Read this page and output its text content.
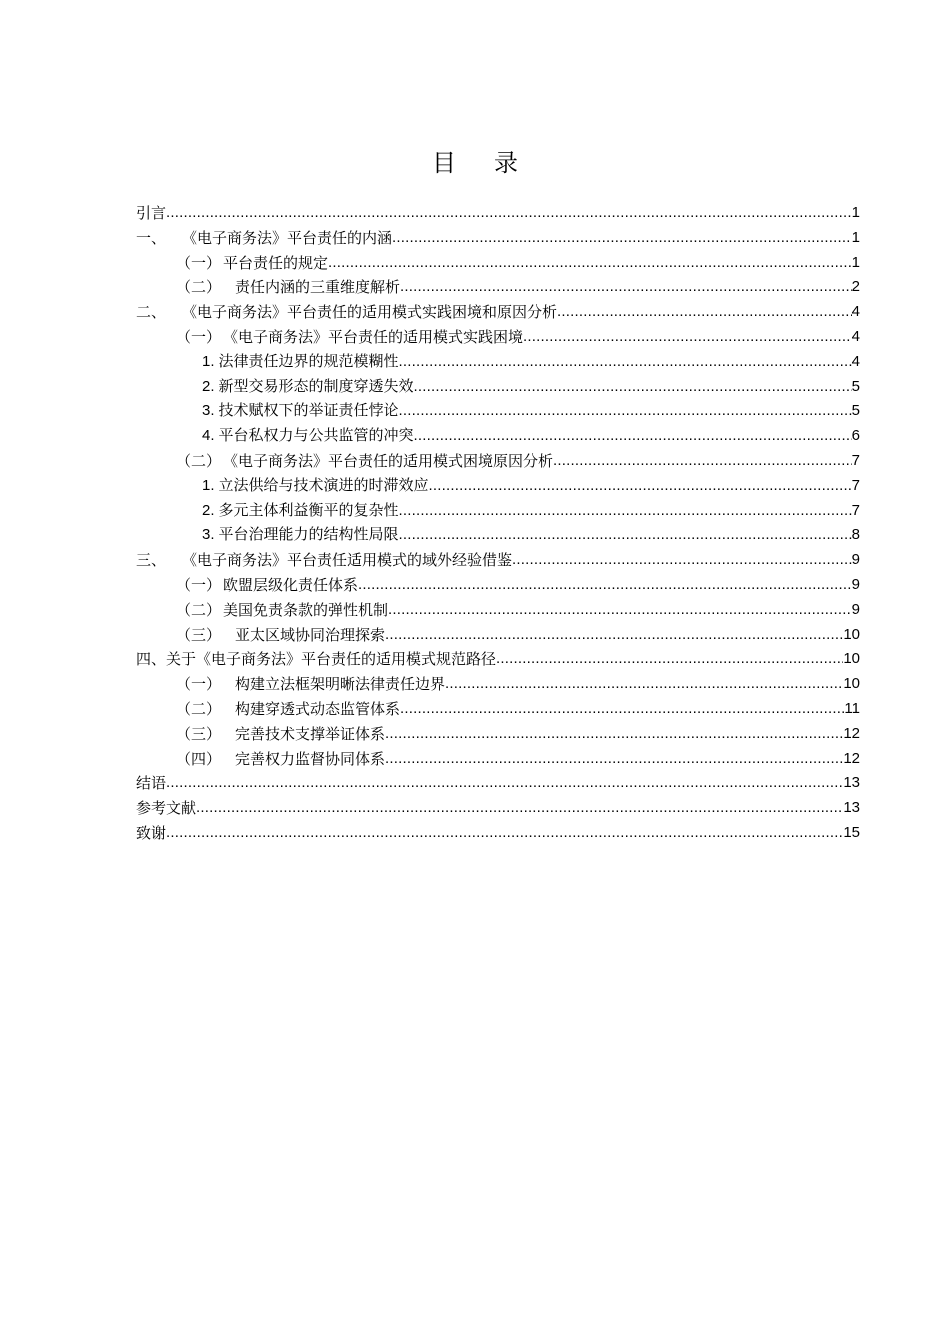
目 录
引言 .....	1
一、 《电子商务法》平台责任的内涵 .....	1
（一） 平台责任的规定 .....	1
（二） 责任内涵的三重维度解析 .....	2
二、 《电子商务法》平台责任的适用模式实践困境和原因分析 .....	4
（一） 《电子商务法》平台责任的适用模式实践困境 .....	4
1. 法律责任边界的规范模糊性 .....	4
2. 新型交易形态的制度穿透失效 .....	5
3. 技术赋权下的举证责任悖论 .....	5
4. 平台私权力与公共监管的冲突 .....	6
（二） 《电子商务法》平台责任的适用模式困境原因分析 .....	7
1. 立法供给与技术演进的时滞效应 .....	7
2. 多元主体利益衡平的复杂性 .....	7
3. 平台治理能力的结构性局限 .....	8
三、 《电子商务法》平台责任适用模式的域外经验借鉴 .....	9
（一） 欧盟层级化责任体系 .....	9
（二） 美国免责条款的弹性机制 .....	9
（三） 亚太区域协同治理探索 .....	10
四、关于《电子商务法》平台责任的适用模式规范路径 .....	10
（一） 构建立法框架明晰法律责任边界 .....	10
（二） 构建穿透式动态监管体系 .....	11
（三） 完善技术支撑举证体系 .....	12
（四） 完善权力监督协同体系 .....	12
结语 .....	13
参考文献 .....	13
致谢 .....	15
